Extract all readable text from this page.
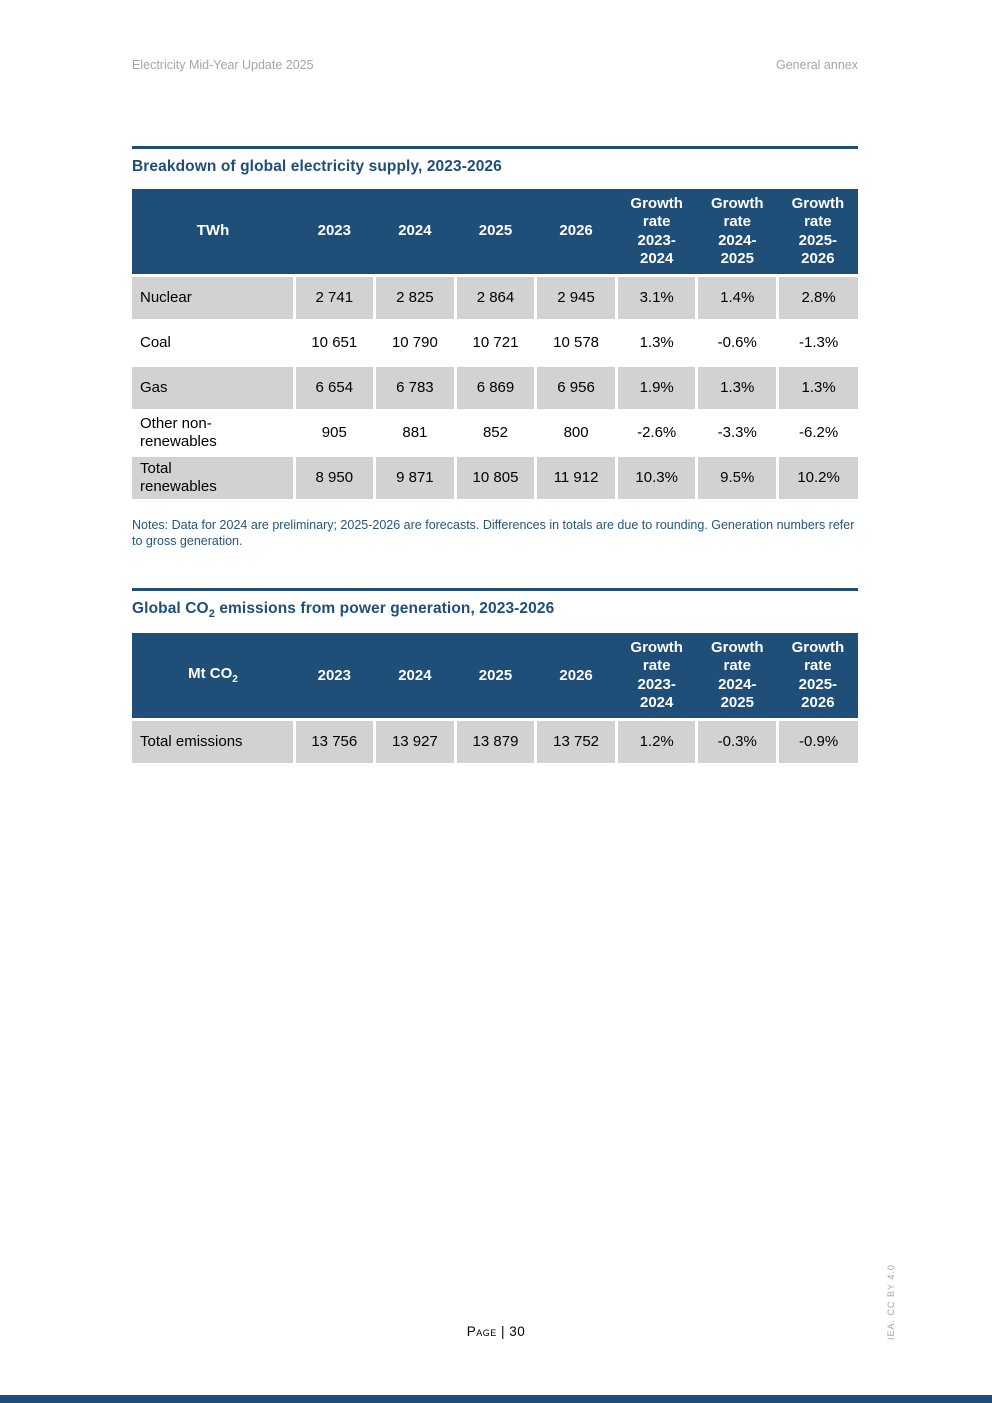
Electricity Mid-Year Update 2025	General annex
Breakdown of global electricity supply, 2023-2026
TWh	2023	2024	2025	2026	Growth rate 2023-2024	Growth rate 2024-2025	Growth rate 2025-2026

Nuclear	2 741	2 825	2 864	2 945	3.1%	1.4%	2.8%

Coal	10 651	10 790	10 721	10 578	1.3%	-0.6%	-1.3%

Gas	6 654	6 783	6 869	6 956	1.9%	1.3%	1.3%

Other non-renewables	905	881	852	800	-2.6%	-3.3%	-6.2%

Total renewables	8 950	9 871	10 805	11 912	10.3%	9.5%	10.2%

Notes: Data for 2024 are preliminary; 2025-2026 are forecasts. Differences in totals are due to rounding. Generation numbers refer to gross generation.

Global $CO_2$ emissions from power generation, 2023-2026
Mt $CO_2$	2023	2024	2025	2026	Growth rate 2023-2024	Growth rate 2024-2025	Growth rate 2025-2026

Total emissions	13 756	13 927	13 879	13 752	1.2%	-0.3%	-0.9%
Page | 30	IEA. CC BY 4.0
